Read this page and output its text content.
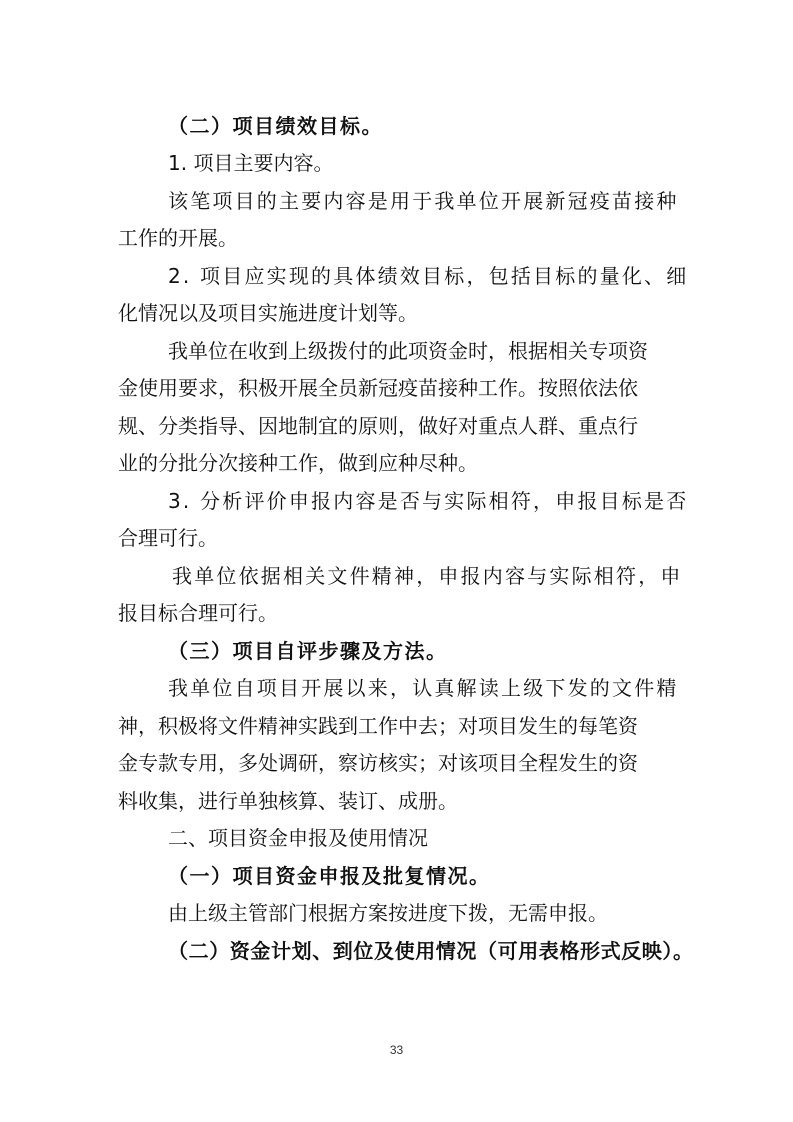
（二）项目绩效目标。
1. 项目主要内容。
该笔项目的主要内容是用于我单位开展新冠疫苗接种
工作的开展。
2. 项目应实现的具体绩效目标，包括目标的量化、细
化情况以及项目实施进度计划等。
我单位在收到上级拨付的此项资金时，根据相关专项资
金使用要求，积极开展全员新冠疫苗接种工作。按照依法依
规、分类指导、因地制宜的原则，做好对重点人群、重点行
业的分批分次接种工作，做到应种尽种。
3. 分析评价申报内容是否与实际相符，申报目标是否
合理可行。
我单位依据相关文件精神，申报内容与实际相符，申
报目标合理可行。
（三）项目自评步骤及方法。
我单位自项目开展以来，认真解读上级下发的文件精
神，积极将文件精神实践到工作中去；对项目发生的每笔资
金专款专用，多处调研，察访核实；对该项目全程发生的资
料收集，进行单独核算、装订、成册。
二、项目资金申报及使用情况
（一）项目资金申报及批复情况。
由上级主管部门根据方案按进度下拨，无需申报。
（二）资金计划、到位及使用情况（可用表格形式反映）。
33
